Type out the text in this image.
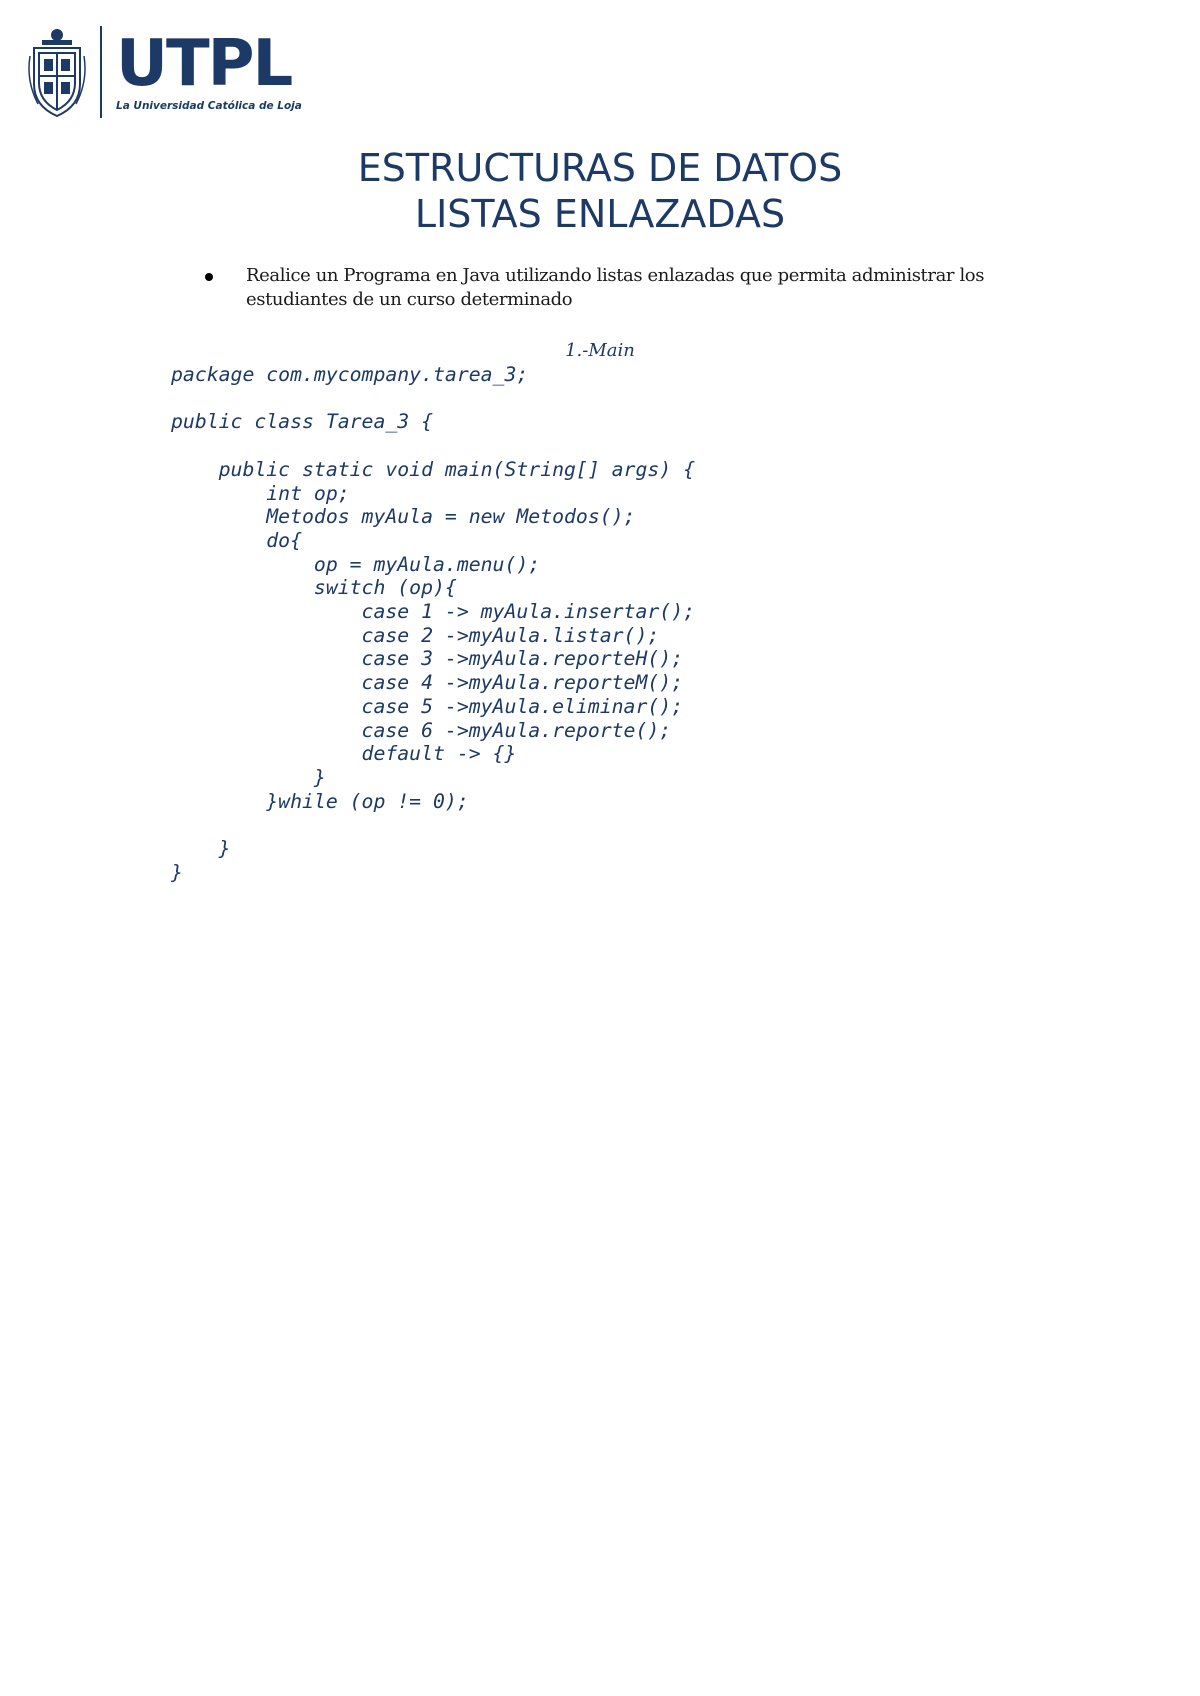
UTPL
La Universidad Católica de Loja
ESTRUCTURAS DE DATOS
LISTAS ENLAZADAS
Realice un Programa en Java utilizando listas enlazadas que permita administrar los estudiantes de un curso determinado
1.-Main
package com.mycompany.tarea_3;

public class Tarea_3 {

public static void main(String[] args) {
int op;
Metodos myAula = new Metodos();
do{
op = myAula.menu();
switch (op){
case 1 -> myAula.insertar();
case 2 ->myAula.listar();
case 3 ->myAula.reporteH();
case 4 ->myAula.reporteM();
case 5 ->myAula.eliminar();
case 6 ->myAula.reporte();
default -> {}
}
}while (op != 0);

}
}
